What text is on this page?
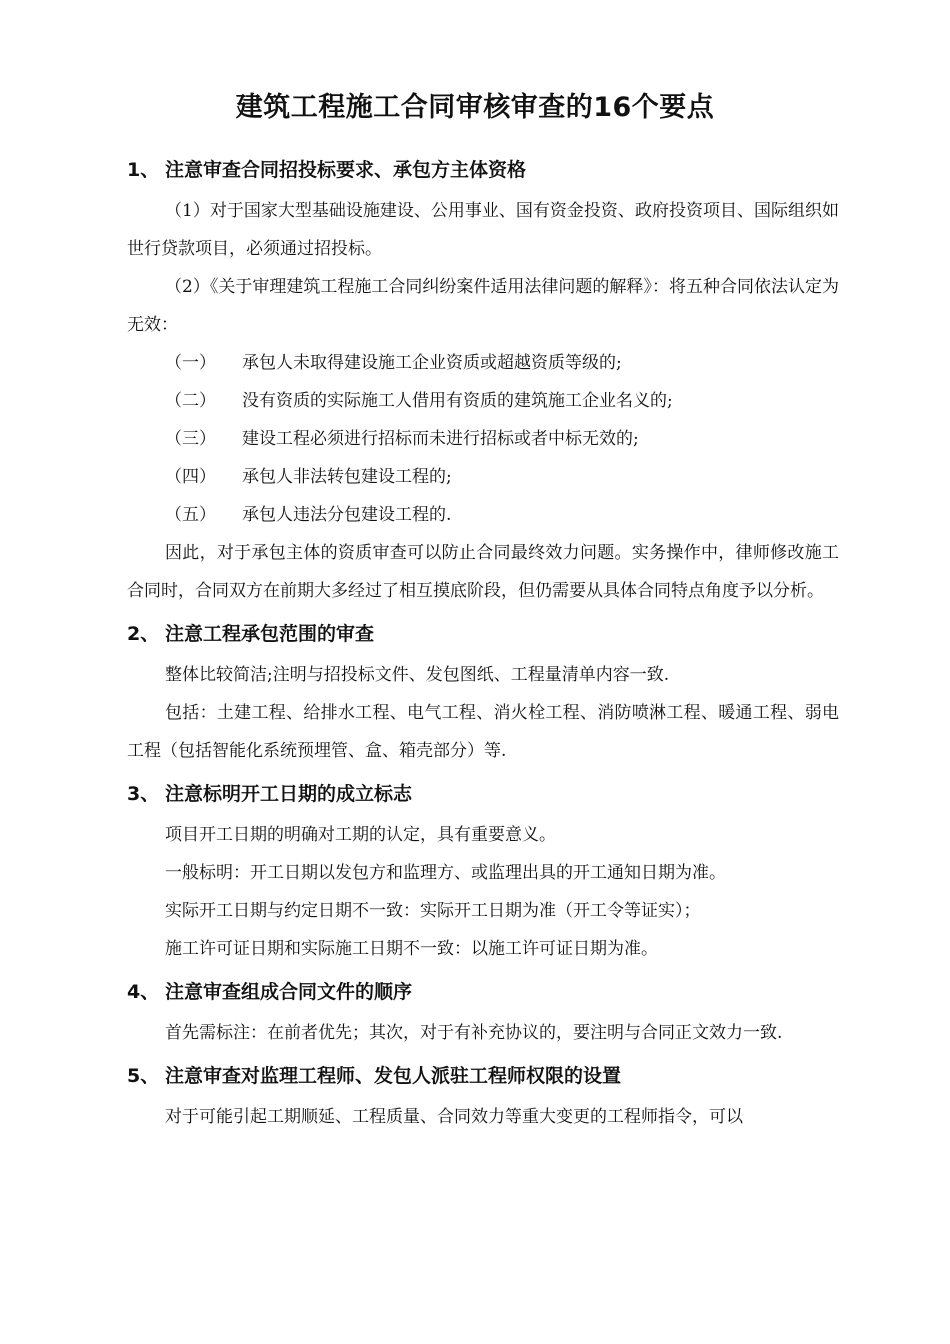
建筑工程施工合同审核审查的16个要点
1、 注意审查合同招投标要求、承包方主体资格

（1）对于国家大型基础设施建设、公用事业、国有资金投资、政府投资项目、国际组织如世行贷款项目，必须通过招投标。

（2）《关于审理建筑工程施工合同纠纷案件适用法律问题的解释》：将五种合同依法认定为无效：

（一） 承包人未取得建设施工企业资质或超越资质等级的;

（二） 没有资质的实际施工人借用有资质的建筑施工企业名义的;

（三） 建设工程必须进行招标而未进行招标或者中标无效的;

（四） 承包人非法转包建设工程的;

（五） 承包人违法分包建设工程的.

因此，对于承包主体的资质审查可以防止合同最终效力问题。实务操作中，律师修改施工合同时，合同双方在前期大多经过了相互摸底阶段，但仍需要从具体合同特点角度予以分析。

2、 注意工程承包范围的审查

整体比较简洁;注明与招投标文件、发包图纸、工程量清单内容一致.

包括：土建工程、给排水工程、电气工程、消火栓工程、消防喷淋工程、暖通工程、弱电工程（包括智能化系统预埋管、盒、箱壳部分）等.

3、 注意标明开工日期的成立标志

项目开工日期的明确对工期的认定，具有重要意义。

一般标明：开工日期以发包方和监理方、或监理出具的开工通知日期为准。

实际开工日期与约定日期不一致：实际开工日期为准（开工令等证实）；

施工许可证日期和实际施工日期不一致：以施工许可证日期为准。

4、 注意审查组成合同文件的顺序

首先需标注：在前者优先；其次，对于有补充协议的，要注明与合同正文效力一致.

5、 注意审查对监理工程师、发包人派驻工程师权限的设置

对于可能引起工期顺延、工程质量、合同效力等重大变更的工程师指令，可以
